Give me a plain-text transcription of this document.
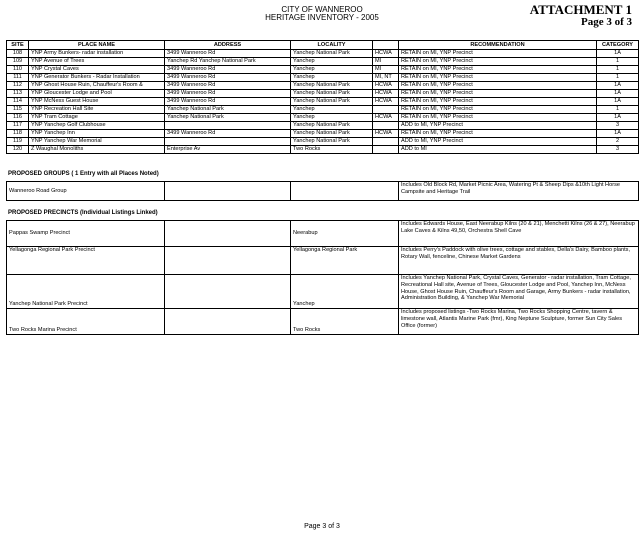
CITY OF WANNEROO
HERITAGE INVENTORY - 2005
ATTACHMENT 1
Page 3 of 3
SITE	PLACE NAME	ADDRESS	LOCALITY		RECOMMENDATION	CATEGORY
108	YNP Army Bunkers- radar installation	3499 Wanneroo Rd	Yanchep National Park	HCWA	RETAIN on MI, YNP Precinct	1A
109	YNP Avenue of Trees	Yanchep Rd Yanchep National Park	Yanchep	MI	RETAIN on MI, YNP Precinct	1
110	YNP Crystal Caves	3499 Wanneroo Rd	Yanchep	MI	RETAIN on MI, YNP Precinct	1
111	YNP Generator Bunkers - Radar Installation	3499 Wanneroo Rd	Yanchep	MI, NT	RETAIN on MI, YNP Precinct	1
112	YNP Ghost House Ruin, Chauffeur's Room &	3499 Wanneroo Rd	Yanchep National Park	HCWA	RETAIN on MI, YNP Precinct	1A
113	YNP Gloucester Lodge and Pool	3499 Wanneroo Rd	Yanchep National Park	HCWA	RETAIN on MI, YNP Precinct	1A
114	YNP McNess Guest House	3499 Wanneroo Rd	Yanchep National Park	HCWA	RETAIN on MI, YNP Precinct	1A
115	YNP Recreation Hall Site	Yanchep National Park	Yanchep		RETAIN on MI, YNP Precinct	1
116	YNP Tram Cottage	Yanchep National Park	Yanchep	HCWA	RETAIN on MI, YNP Precinct	1A
117	YNP Yanchep Golf Clubhouse		Yanchep National Park		ADD to MI, YNP Precinct	3
118	YNP Yanchep Inn	3499 Wanneroo Rd	Yanchep National Park	HCWA	RETAIN on MI, YNP Precinct	1A
119	YNP Yanchep War Memorial		Yanchep National Park		ADD to MI, YNP Precinct	2
120	Z Waughal Monoliths	Enterprise Av	Two Rocks		ADD to MI	3
PROPOSED GROUPS ( 1 Entry with all Places Noted)
Wanneroo Road Group			Includes Old Block Rd, Market Picnic Area, Watering Pt & Sheep Dips &10th Light Horse Campsite and Heritage Trail
PROPOSED PRECINCTS (Individual Listings Linked)
Pappas Swamp Precinct		Neerabup	Includes Edwards House, East Neerabup Kilns (20 & 21), Menchetti Kilns (26 & 27), Neerabup Lake Caves & Kilns 49,50, Orchestra Shell Cave
Yellagonga Regional Park Precinct		Yellagonga Regional Park	Includes Perry's Paddock with olive trees, cottage and stables, Della's Dairy, Bamboo plants, Rotary Wall, fenceline, Chinese Market Gardens
Yanchep National Park Precinct		Yanchep	Includes Yanchep National Park, Crystal Caves, Generator - radar installation, Tram Cottage, Recreational Hall site, Avenue of Trees, Gloucester Lodge and Pool, Yanchep Inn, McNess House, Ghost House Ruin, Chauffeur's Room and Garage, Army Bunkers - radar installation, Administration Building, & Yanchep War Memorial
Two Rocks Marina Precinct		Two Rocks	Includes proposed listings -Two Rocks Marina, Two Rocks Shopping Centre, tavern & limestone wall, Atlantis Marine Park (fmr), King Neptune Sculpture, former Sun City Sales Office (former)
Page 3 of 3
